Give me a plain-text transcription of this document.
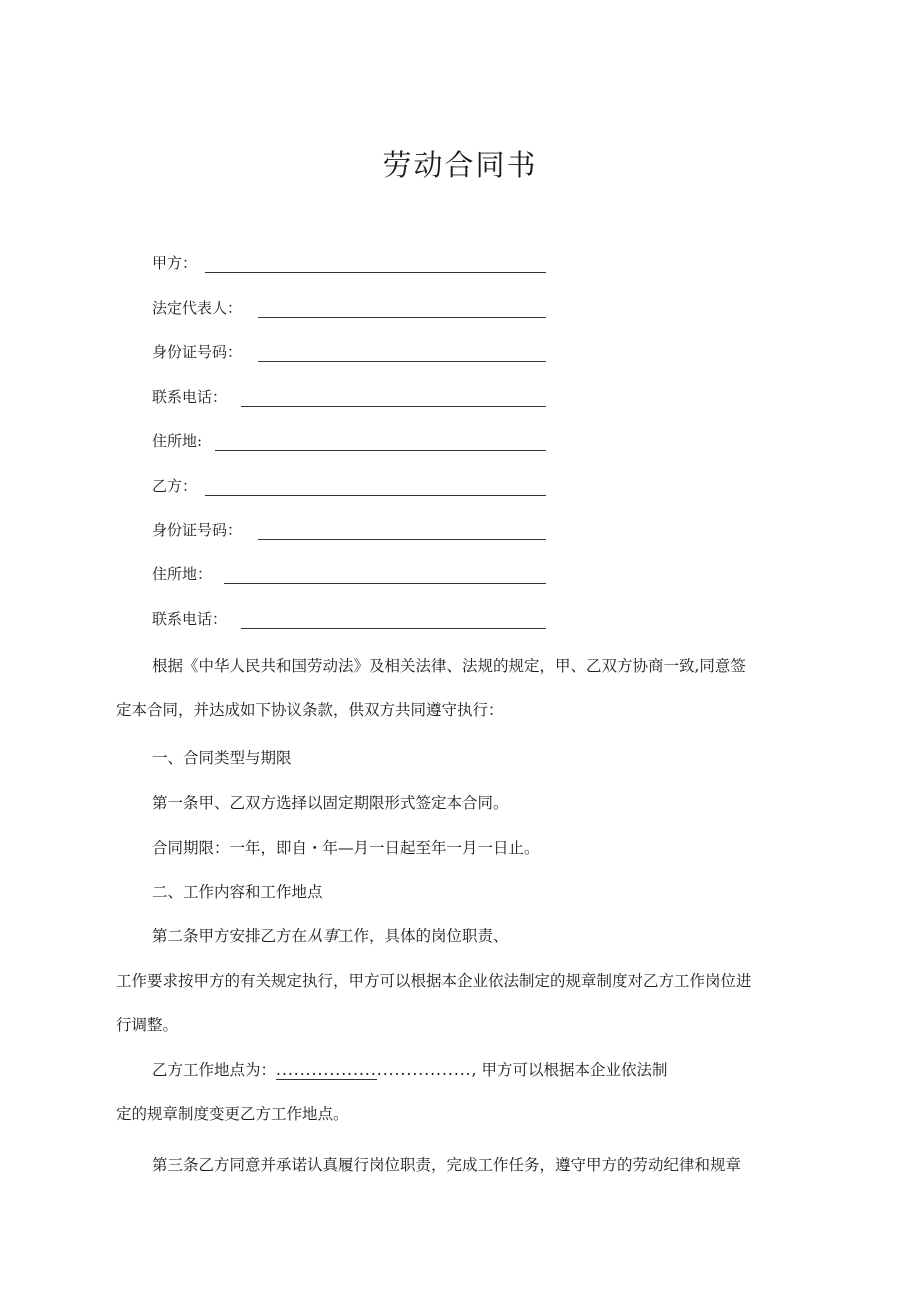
劳动合同书
甲方：
法定代表人：
身份证号码：
联系电话：
住所地:
乙方：
身份证号码：
住所地：
联系电话：
根据《中华人民共和国劳动法》及相关法律、法规的规定，甲、乙双方协商一致,同意签
定本合同，并达成如下协议条款，供双方共同遵守执行：
一、合同类型与期限
第一条甲、乙双方选择以固定期限形式签定本合同。
合同期限：一年，即自・年—月一日起至年一月一日止。
二、工作内容和工作地点
第二条甲方安排乙方在从事工作，具体的岗位职责、
工作要求按甲方的有关规定执行，甲方可以根据本企业依法制定的规章制度对乙方工作岗位进
行调整。
乙方工作地点为：................................., 甲方可以根据本企业依法制
定的规章制度变更乙方工作地点。
第三条乙方同意并承诺认真履行岗位职责，完成工作任务，遵守甲方的劳动纪律和规章
